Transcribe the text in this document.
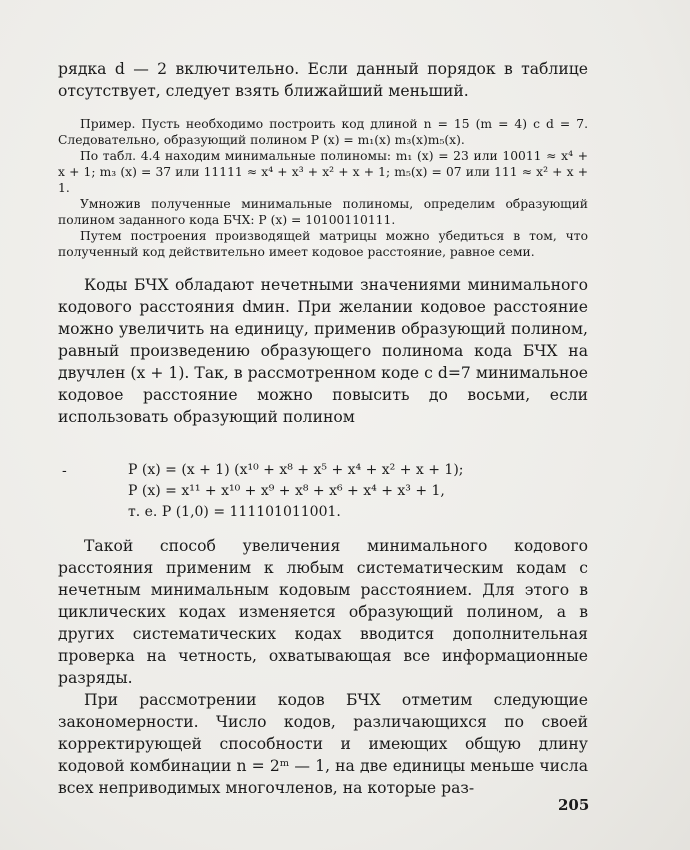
рядка d — 2 включительно. Если данный порядок в таблице отсутствует, следует взять ближайший меньший.

Пример. Пусть необходимо построить код длиной n = 15 (m = 4) с d = 7. Следовательно, образующий полином P (x) = m₁(x) m₃(x)m₅(x).

По табл. 4.4 находим минимальные полиномы: m₁ (x) = 23 или 10011 ≈ x⁴ + x + 1; m₃ (x) = 37 или 11111 ≈ x⁴ + x³ + x² + x + 1; m₅(x) = 07 или 111 ≈ x² + x + 1.

Умножив полученные минимальные полиномы, определим образующий полином заданного кода БЧХ: P (x) = 10100110111.

Путем построения производящей матрицы можно убедиться в том, что полученный код действительно имеет кодовое расстояние, равное семи.

Коды БЧХ обладают нечетными значениями минимального кодового расстояния dмин. При желании кодовое расстояние можно увеличить на единицу, применив образующий полином, равный произведению образующего полинома кода БЧХ на двучлен (x + 1). Так, в рассмотренном коде с d=7 минимальное кодовое расстояние можно повысить до восьми, если использовать образующий полином

-	P (x) = (x + 1) (x¹⁰ + x⁸ + x⁵ + x⁴ + x² + x + 1);
P (x) = x¹¹ + x¹⁰ + x⁹ + x⁸ + x⁶ + x⁴ + x³ + 1,
т. е. P (1,0) = 111101011001.

Такой способ увеличения минимального кодового расстояния применим к любым систематическим кодам с нечетным минимальным кодовым расстоянием. Для этого в циклических кодах изменяется образующий полином, а в других систематических кодах вводится дополнительная проверка на четность, охватывающая все информационные разряды.

При рассмотрении кодов БЧХ отметим следующие закономерности. Число кодов, различающихся по своей корректирующей способности и имеющих общую длину кодовой комбинации n = 2ᵐ — 1, на две единицы меньше числа всех неприводимых многочленов, на которые раз-

205
